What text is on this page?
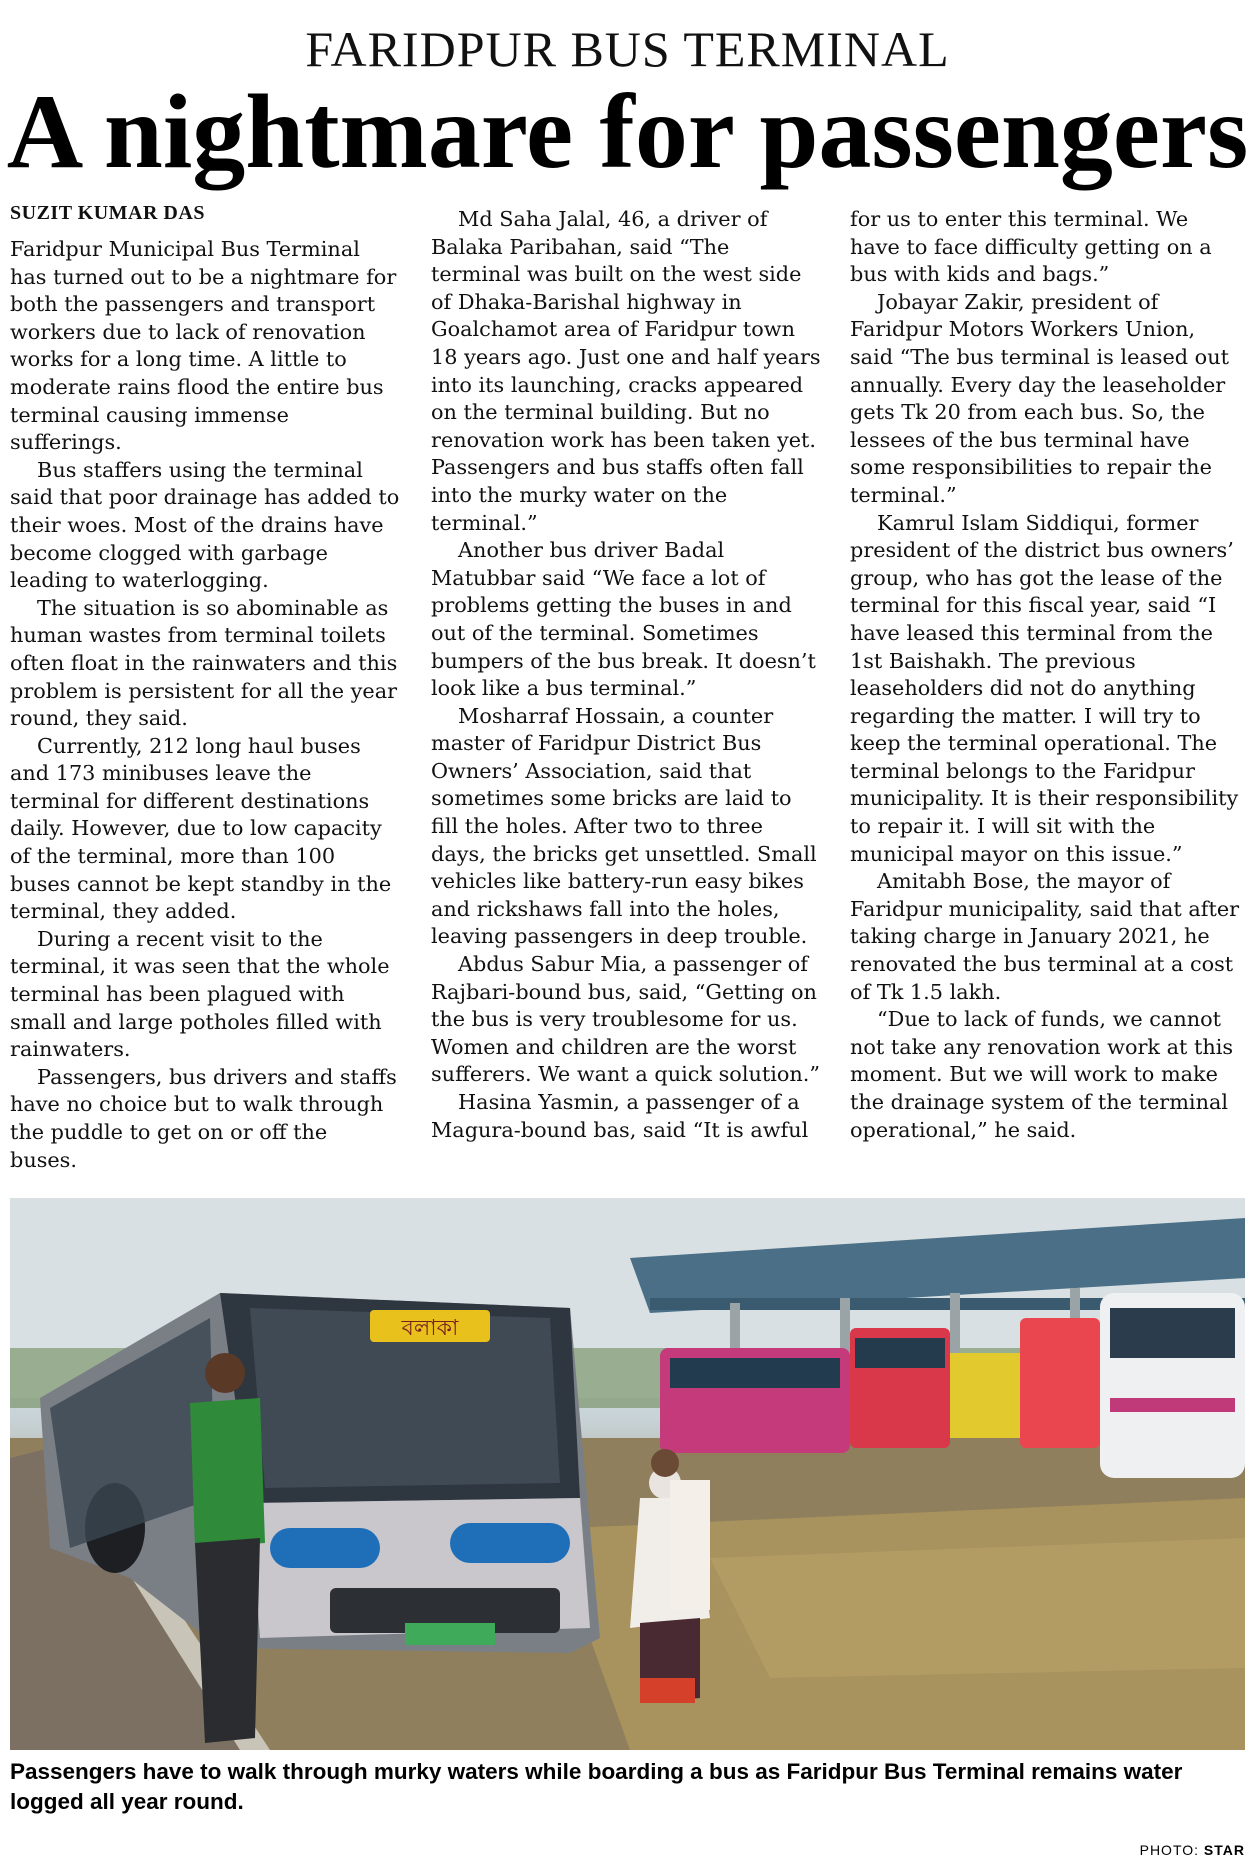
FARIDPUR BUS TERMINAL
A nightmare for passengers
SUZIT KUMAR DAS

Faridpur Municipal Bus Terminal has turned out to be a nightmare for both the passengers and transport workers due to lack of renovation works for a long time. A little to moderate rains flood the entire bus terminal causing immense sufferings.

Bus staffers using the terminal said that poor drainage has added to their woes. Most of the drains have become clogged with garbage leading to waterlogging.

The situation is so abominable as human wastes from terminal toilets often float in the rainwaters and this problem is persistent for all the year round, they said.

Currently, 212 long haul buses and 173 minibuses leave the terminal for different destinations daily. However, due to low capacity of the terminal, more than 100 buses cannot be kept standby in the terminal, they added.

During a recent visit to the terminal, it was seen that the whole terminal has been plagued with small and large potholes filled with rainwaters.

Passengers, bus drivers and staffs have no choice but to walk through the puddle to get on or off the buses.

Md Saha Jalal, 46, a driver of Balaka Paribahan, said “The terminal was built on the west side of Dhaka-Barishal highway in Goalchamot area of Faridpur town 18 years ago. Just one and half years into its launching, cracks appeared on the terminal building. But no renovation work has been taken yet. Passengers and bus staffs often fall into the murky water on the terminal.”

Another bus driver Badal Matubbar said “We face a lot of problems getting the buses in and out of the terminal. Sometimes bumpers of the bus break. It doesn’t look like a bus terminal.”

Mosharraf Hossain, a counter master of Faridpur District Bus Owners’ Association, said that sometimes some bricks are laid to fill the holes. After two to three days, the bricks get unsettled. Small vehicles like battery-run easy bikes and rickshaws fall into the holes, leaving passengers in deep trouble.

Abdus Sabur Mia, a passenger of Rajbari-bound bus, said, “Getting on the bus is very troublesome for us. Women and children are the worst sufferers. We want a quick solution.”

Hasina Yasmin, a passenger of a Magura-bound bas, said “It is awful

for us to enter this terminal. We have to face difficulty getting on a bus with kids and bags.”

Jobayar Zakir, president of Faridpur Motors Workers Union, said “The bus terminal is leased out annually. Every day the leaseholder gets Tk 20 from each bus. So, the lessees of the bus terminal have some responsibilities to repair the terminal.”

Kamrul Islam Siddiqui, former president of the district bus owners’ group, who has got the lease of the terminal for this fiscal year, said “I have leased this terminal from the 1st Baishakh. The previous leaseholders did not do anything regarding the matter. I will try to keep the terminal operational. The terminal belongs to the Faridpur municipality. It is their responsibility to repair it. I will sit with the municipal mayor on this issue.”

Amitabh Bose, the mayor of Faridpur municipality, said that after taking charge in January 2021, he renovated the bus terminal at a cost of Tk 1.5 lakh.

“Due to lack of funds, we cannot not take any renovation work at this moment. But we will work to make the drainage system of the terminal operational,” he said.

বলাকা
Passengers have to walk through murky waters while boarding a bus as Faridpur Bus Terminal remains water logged all year round.
PHOTO: STAR
